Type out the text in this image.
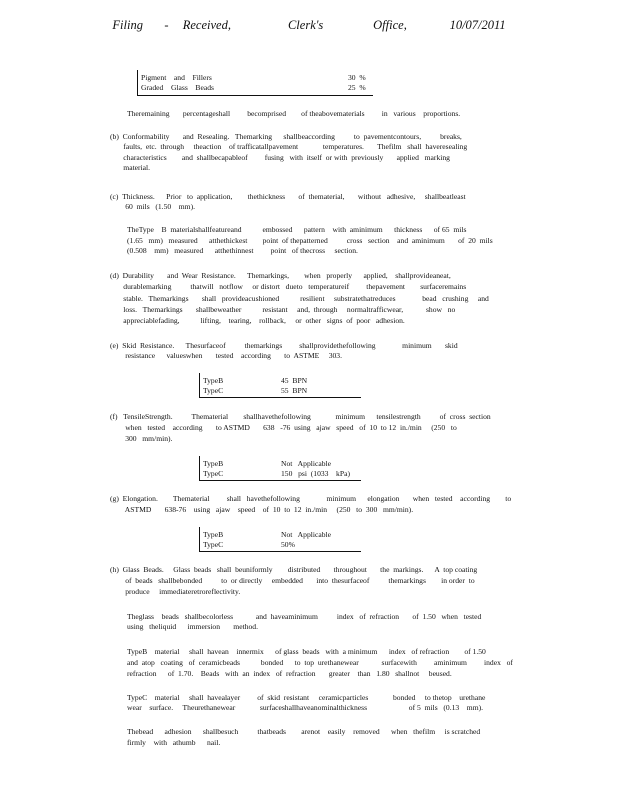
Filing   -  Received,        Clerk's       Office,      10/07/2011
Pigment    and    Fillers	30  %
Graded    Glass    Beads	25  %
Theremaining       percentageshall         becomprised        of theabovematerials         in   various    proportions.
(b)  Conformability       and  Resealing.   Themarking      shallbeaccording          to  pavementcontours,          breaks,
faults,  etc.  through     theaction    of trafficatallpavement             temperatures.       Thefilm   shall  haveresealing
characteristics        and  shallbecapableof         fusing   with  itself  or with  previously       applied   marking
material.
(c)  Thickness.      Prior   to  application,        thethickness       of  thematerial,       without   adhesive,     shallbeatleast
60  mils   (1.50    mm).
TheType    B  materialshallfeatureand           embossed      pattern    with  aminimum      thickness      of 65  mils
(1.65   mm)   measured      atthethickest        point  of thepatterned          cross   section    and  aminimum       of  20  mils
(0.508    mm)   measured      atthethinnest         point   of thecross     section.
(d)  Durability       and  Wear  Resistance.      Themarkings,        when   properly      applied,    shallprovideaneat,
durablemarking          thatwill   notflow     or distort   dueto   temperatureif         thepavement        surfaceremains
stable.   Themarkings       shall   provideacushioned           resilient     substratethatreduces              bead   crushing     and
loss.   Themarkings       shallbeweather           resistant     and,  through     normaltrafficwear,            show   no
appreciablefading,           lifting,    tearing,    rollback,     or  other   signs  of  poor   adhesion.
(e)  Skid  Resistance.      Thesurfaceof          themarkings         shallprovidethefollowing              minimum       skid
resistance      valueswhen       tested    according       to  ASTME     303.
TypeB	45  BPN
TypeC	55  BPN
(f)   TensileStrength.          Thematerial        shallhavethefollowing             minimum      tensilestrength          of  cross  section
when   tested    according       to ASTMD       638   -76  using   ajaw   speed   of  10  to 12  in./min     (250   to
300   mm/min).
TypeB	Not   Applicable
TypeC	150   psi  (1033    kPa)
(g)  Elongation.        Thematerial         shall   havethefollowing              minimum      elongation       when   tested    according        to
ASTMD       638-76    using   ajaw    speed    of  10  to  12  in./min     (250   to  300   mm/min).
TypeB	Not   Applicable
TypeC	50%
(h)  Glass  Beads.     Glass  beads   shall  beuniformly        distributed       throughout       the  markings.      A  top coating
of  beads   shallbebonded          to  or directly     embedded       into  thesurfaceof          themarkings        in order  to
produce     immediateretroreflectivity.
Theglass    beads   shallbecolorless            and  haveaminimum          index   of  refraction       of  1.50   when   tested
using   theliquid      immersion       method.
TypeB    material     shall  havean    innermix      of glass  beads   with  a minimum      index   of refraction        of 1.50
and  atop   coating   of  ceramicbeads           bonded      to  top  urethanewear            surfacewith         aminimum         index   of
refraction      of  1.70.    Beads   with  an  index   of  refraction       greater    than   1.80   shallnot     beused.
TypeC    material     shall  havealayer         of  skid  resistant     ceramicparticles             bonded     to thetop    urethane
wear    surface.     Theurethanewear             surfaceshallhaveanominalthickness                      of 5  mils   (0.13    mm).
Thebead      adhesion      shallbesuch          thatbeads        arenot    easily    removed      when   thefilm     is scratched
firmly    with   athumb      nail.
